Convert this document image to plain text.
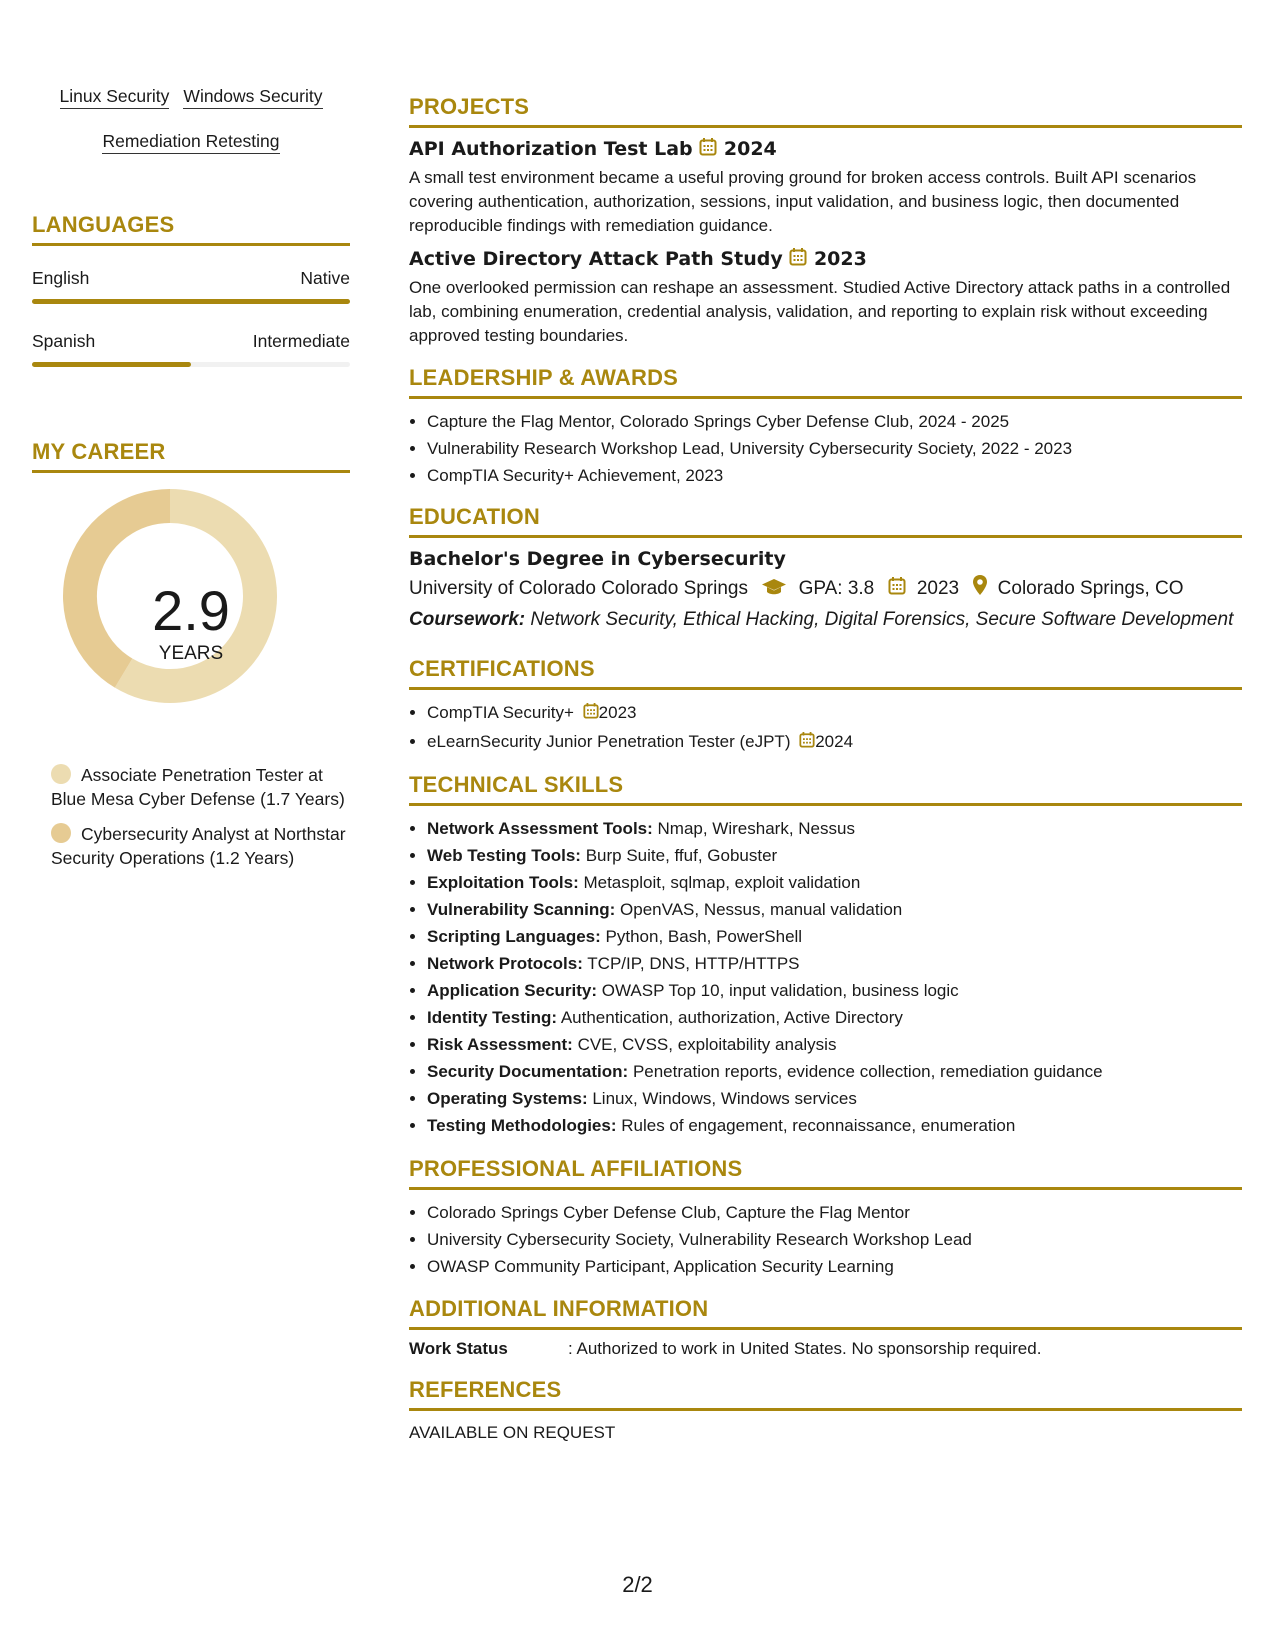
Linux Security Windows Security
Remediation Retesting
LANGUAGES
English	Native
Spanish	Intermediate
MY CAREER
2.9
YEARS
Associate Penetration Tester at Blue Mesa Cyber Defense (1.7 Years)
Cybersecurity Analyst at Northstar Security Operations (1.2 Years)
PROJECTS
API Authorization Test Lab 2024

A small test environment became a useful proving ground for broken access controls. Built API scenarios covering authentication, authorization, sessions, input validation, and business logic, then documented reproducible findings with remediation guidance.

Active Directory Attack Path Study 2023

One overlooked permission can reshape an assessment. Studied Active Directory attack paths in a controlled lab, combining enumeration, credential analysis, validation, and reporting to explain risk without exceeding approved testing boundaries.

LEADERSHIP & AWARDS
• Capture the Flag Mentor, Colorado Springs Cyber Defense Club, 2024 - 2025
• Vulnerability Research Workshop Lead, University Cybersecurity Society, 2022 - 2023
• CompTIA Security+ Achievement, 2023
EDUCATION
Bachelor's Degree in Cybersecurity
University of Colorado Colorado Springs	GPA: 3.8 2023 Colorado Springs, CO
Coursework: Network Security, Ethical Hacking, Digital Forensics, Secure Software Development
CERTIFICATIONS
• CompTIA Security+ 2023
• eLearnSecurity Junior Penetration Tester (eJPT) 2024
TECHNICAL SKILLS
• Network Assessment Tools: Nmap, Wireshark, Nessus
• Web Testing Tools: Burp Suite, ffuf, Gobuster
• Exploitation Tools: Metasploit, sqlmap, exploit validation
• Vulnerability Scanning: OpenVAS, Nessus, manual validation
• Scripting Languages: Python, Bash, PowerShell
• Network Protocols: TCP/IP, DNS, HTTP/HTTPS
• Application Security: OWASP Top 10, input validation, business logic
• Identity Testing: Authentication, authorization, Active Directory
• Risk Assessment: CVE, CVSS, exploitability analysis
• Security Documentation: Penetration reports, evidence collection, remediation guidance
• Operating Systems: Linux, Windows, Windows services
• Testing Methodologies: Rules of engagement, reconnaissance, enumeration
PROFESSIONAL AFFILIATIONS
• Colorado Springs Cyber Defense Club, Capture the Flag Mentor
• University Cybersecurity Society, Vulnerability Research Workshop Lead
• OWASP Community Participant, Application Security Learning
ADDITIONAL INFORMATION
Work Status	: Authorized to work in United States. No sponsorship required.
REFERENCES
AVAILABLE ON REQUEST
2/2
